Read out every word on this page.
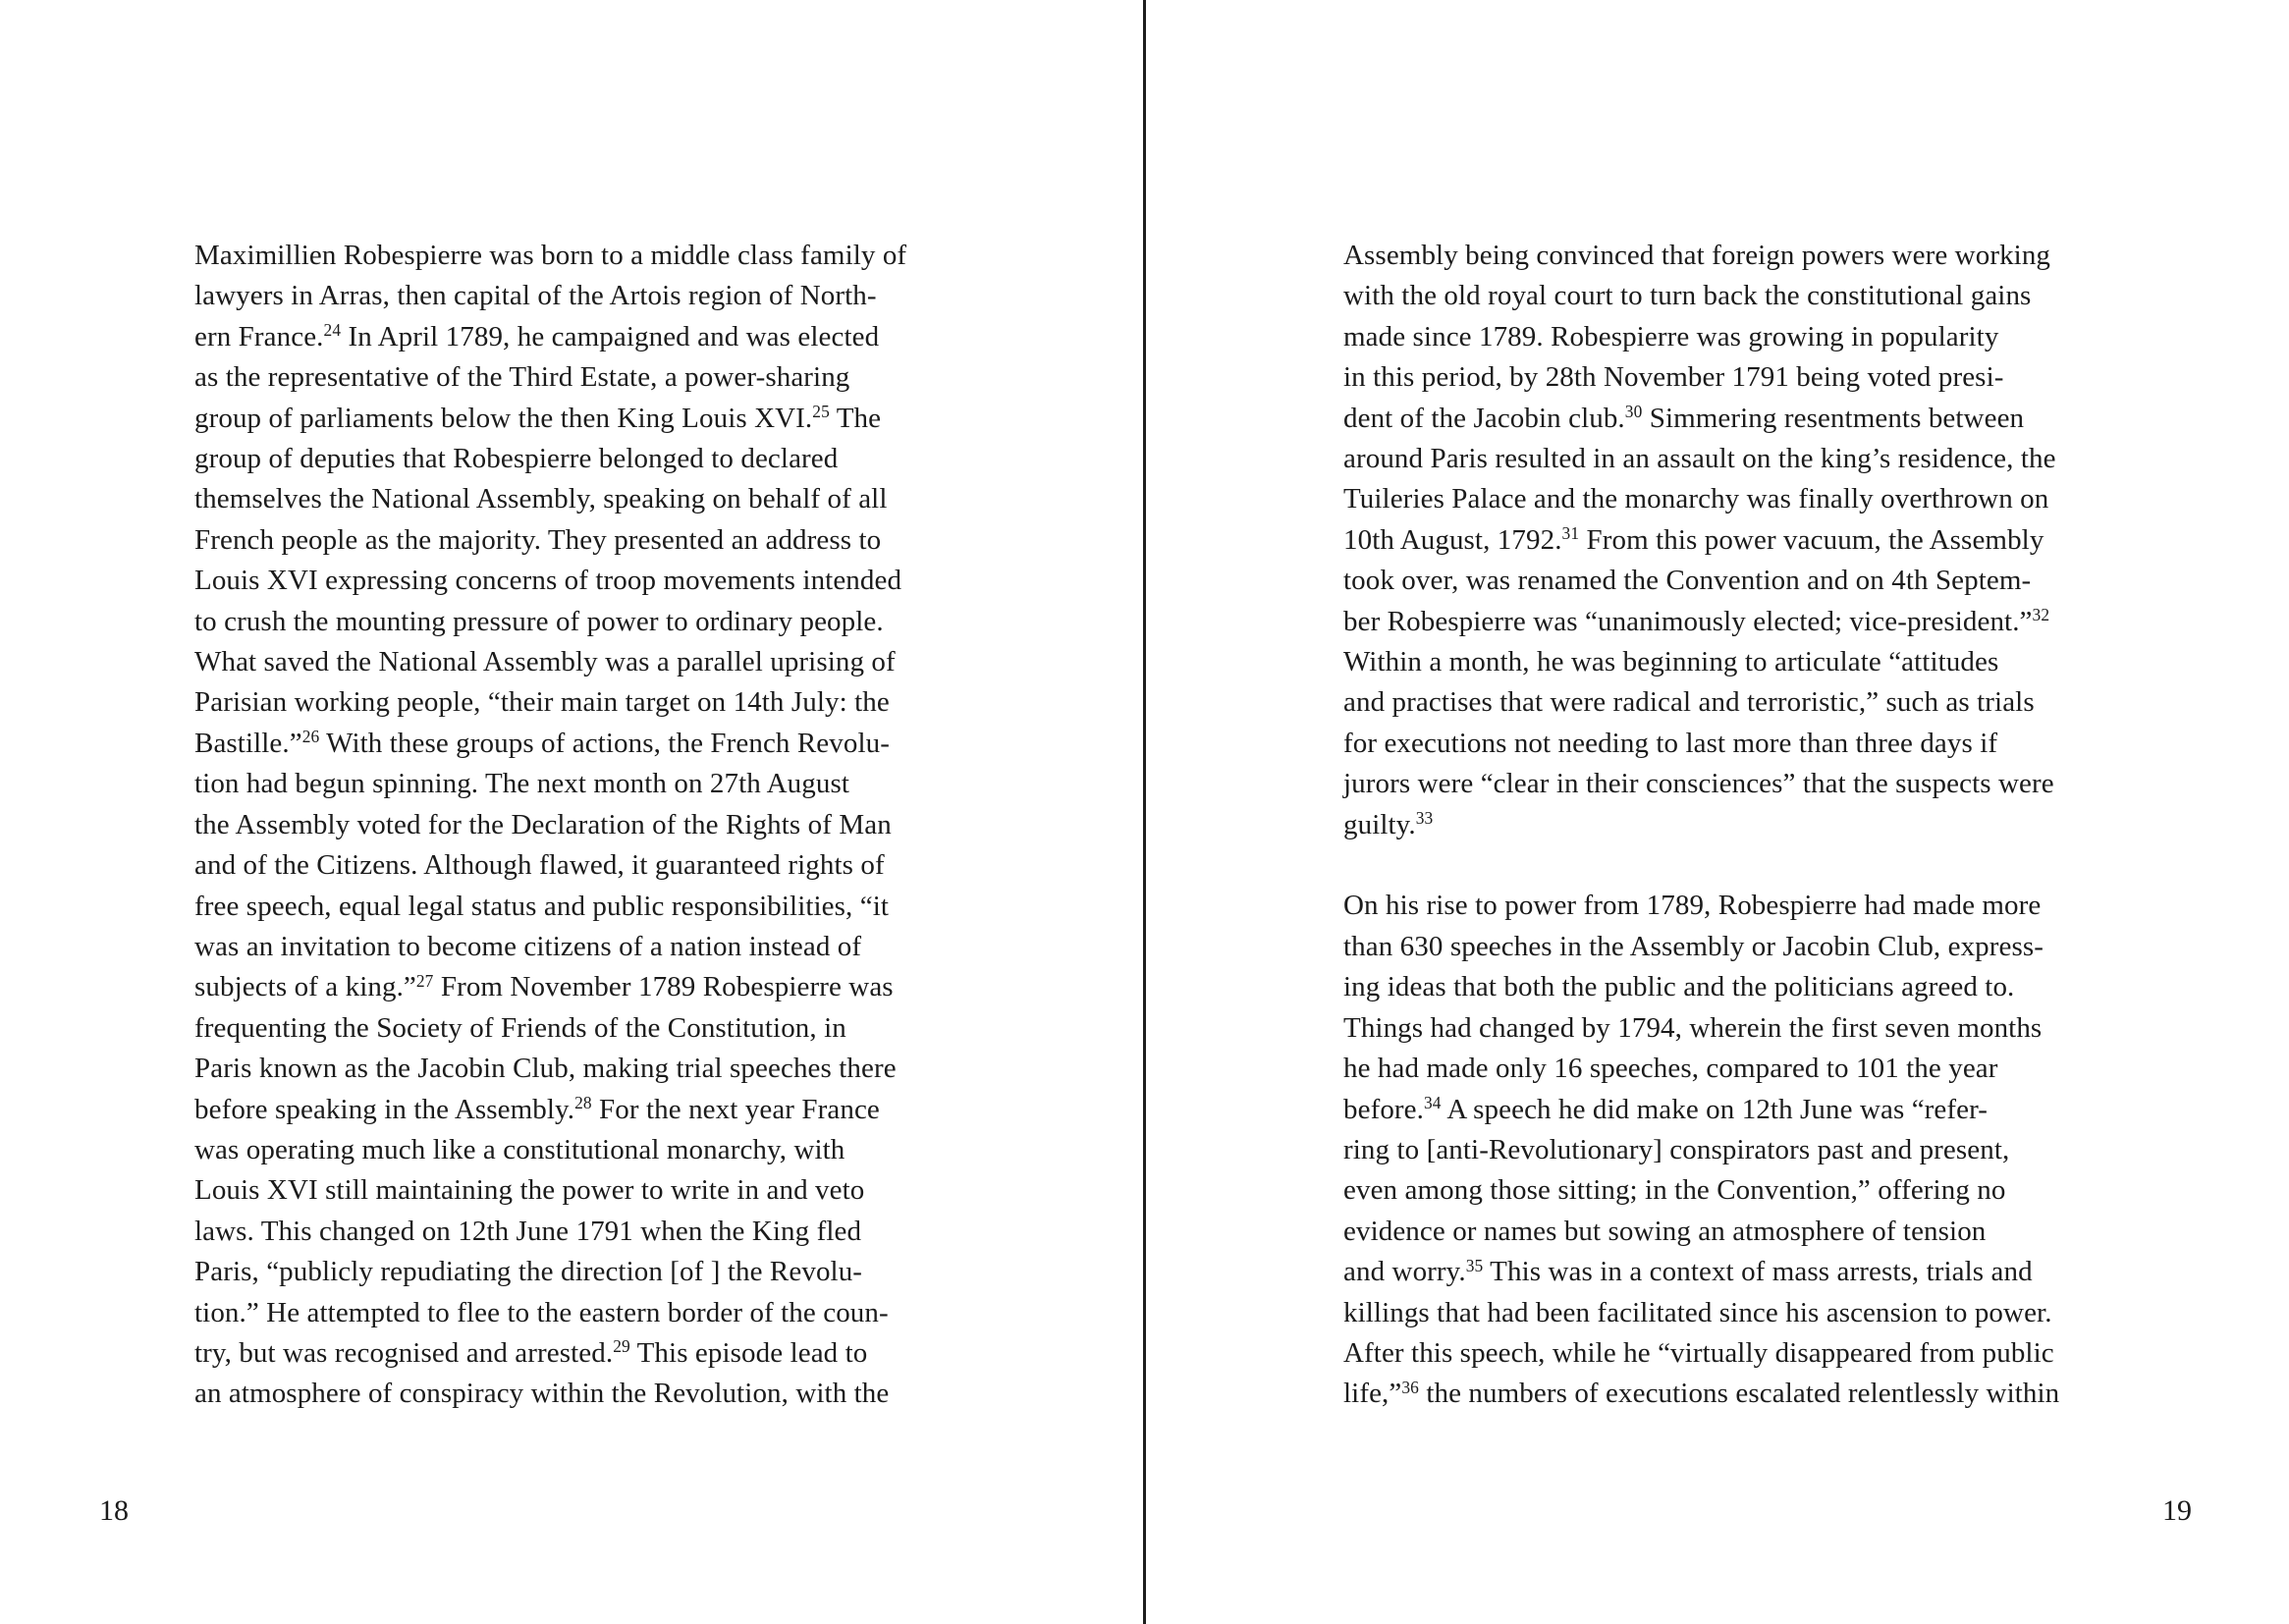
Maximillien Robespierre was born to a middle class family of
lawyers in Arras, then capital of the Artois region of North-
ern France.$^{24}$ In April 1789, he campaigned and was elected
as the representative of the Third Estate, a power-sharing
group of parliaments below the then King Louis XVI.$^{25}$ The
group of deputies that Robespierre belonged to declared
themselves the National Assembly, speaking on behalf of all
French people as the majority. They presented an address to
Louis XVI expressing concerns of troop movements intended
to crush the mounting pressure of power to ordinary people.
What saved the National Assembly was a parallel uprising of
Parisian working people, “their main target on 14th July: the
Bastille.”$^{26}$ With these groups of actions, the French Revolu-
tion had begun spinning. The next month on 27th August
the Assembly voted for the Declaration of the Rights of Man
and of the Citizens. Although flawed, it guaranteed rights of
free speech, equal legal status and public responsibilities, “it
was an invitation to become citizens of a nation instead of
subjects of a king.”$^{27}$ From November 1789 Robespierre was
frequenting the Society of Friends of the Constitution, in
Paris known as the Jacobin Club, making trial speeches there
before speaking in the Assembly.$^{28}$ For the next year France
was operating much like a constitutional monarchy, with
Louis XVI still maintaining the power to write in and veto
laws. This changed on 12th June 1791 when the King fled
Paris, “publicly repudiating the direction [of ] the Revolu-
tion.” He attempted to flee to the eastern border of the coun-
try, but was recognised and arrested.$^{29}$ This episode lead to
an atmosphere of conspiracy within the Revolution, with the
18
Assembly being convinced that foreign powers were working
with the old royal court to turn back the constitutional gains
made since 1789. Robespierre was growing in popularity
in this period, by 28th November 1791 being voted presi-
dent of the Jacobin club.$^{30}$ Simmering resentments between
around Paris resulted in an assault on the king’s residence, the
Tuileries Palace and the monarchy was finally overthrown on
10th August, 1792.31 From this power vacuum, the Assembly
took over, was renamed the Convention and on 4th Septem-
ber Robespierre was “unanimously elected; vice-president.”$^{32}$
Within a month, he was beginning to articulate “attitudes
and practises that were radical and terroristic,” such as trials
for executions not needing to last more than three days if
jurors were “clear in their consciences” that the suspects were
guilty.$^{33}$
On his rise to power from 1789, Robespierre had made more
than 630 speeches in the Assembly or Jacobin Club, express-
ing ideas that both the public and the politicians agreed to.
Things had changed by 1794, wherein the first seven months
he had made only 16 speeches, compared to 101 the year
before.$^{34}$ A speech he did make on 12th June was “refer-
ring to [anti-Revolutionary] conspirators past and present,
even among those sitting; in the Convention,” offering no
evidence or names but sowing an atmosphere of tension
and worry.$^{35}$ This was in a context of mass arrests, trials and
killings that had been facilitated since his ascension to power.
After this speech, while he “virtually disappeared from public
life,”$^{36}$ the numbers of executions escalated relentlessly within
19
